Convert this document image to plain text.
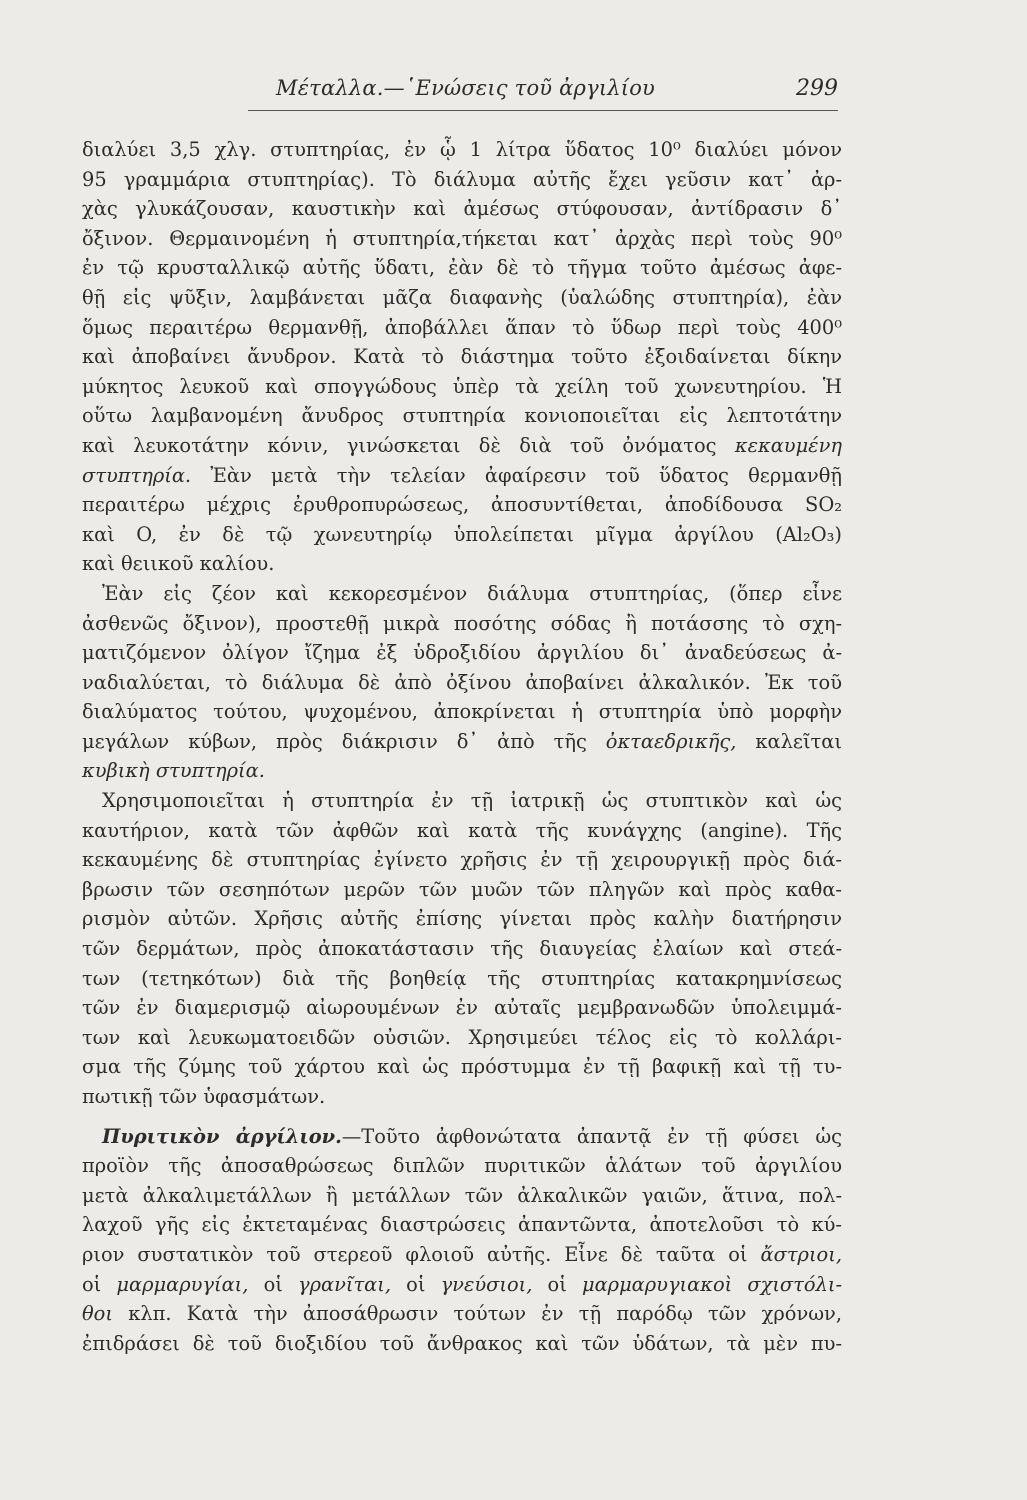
Μέταλλα.—῾Ενώσεις τοῦ ἀργιλίου	299
διαλύει 3,5 χλγ. στυπτηρίας, ἐν ᾧ 1 λίτρα ὕδατος 10⁰ διαλύει μόνον
95 γραμμάρια στυπτηρίας). Τὸ διάλυμα αὐτῆς ἔχει γεῦσιν κατ᾿ ἀρ-
χὰς γλυκάζουσαν, καυστικὴν καὶ ἀμέσως στύφουσαν, ἀντίδρασιν δ᾿
ὄξινον. Θερμαινομένη ἡ στυπτηρία,τήκεται κατ᾿ ἀρχὰς περὶ τοὺς 90⁰
ἐν τῷ κρυσταλλικῷ αὐτῆς ὕδατι, ἐὰν δὲ τὸ τῆγμα τοῦτο ἀμέσως ἀφε-
θῇ εἰς ψῦξιν, λαμβάνεται μᾶζα διαφανὴς (ὑαλώδης στυπτηρία), ἐὰν
ὅμως περαιτέρω θερμανθῇ, ἀποβάλλει ἅπαν τὸ ὕδωρ περὶ τοὺς 400⁰
καὶ ἀποβαίνει ἄνυδρον. Κατὰ τὸ διάστημα τοῦτο ἐξοιδαίνεται δίκην
μύκητος λευκοῦ καὶ σπογγώδους ὑπὲρ τὰ χείλη τοῦ χωνευτηρίου. Ἡ
οὕτω λαμβανομένη ἄνυδρος στυπτηρία κονιοποιεῖται εἰς λεπτοτάτην
καὶ λευκοτάτην κόνιν, γινώσκεται δὲ διὰ τοῦ ὀνόματος κεκαυμένη
στυπτηρία. Ἐὰν μετὰ τὴν τελείαν ἀφαίρεσιν τοῦ ὕδατος θερμανθῇ
περαιτέρω μέχρις ἐρυθροπυρώσεως, ἀποσυντίθεται, ἀποδίδουσα SO₂
καὶ O, ἐν δὲ τῷ χωνευτηρίῳ ὑπολείπεται μῖγμα ἀργίλου (Al₂O₃)
καὶ θειικοῦ καλίου.
Ἐὰν εἰς ζέον καὶ κεκορεσμένον διάλυμα στυπτηρίας, (ὅπερ εἶνε
ἀσθενῶς ὄξινον), προστεθῇ μικρὰ ποσότης σόδας ἢ ποτάσσης τὸ σχη-
ματιζόμενον ὀλίγον ἴζημα ἐξ ὑδροξιδίου ἀργιλίου δι᾿ ἀναδεύσεως ἀ-
ναδιαλύεται, τὸ διάλυμα δὲ ἀπὸ ὀξίνου ἀποβαίνει ἀλκαλικόν. Ἐκ τοῦ
διαλύματος τούτου, ψυχομένου, ἀποκρίνεται ἡ στυπτηρία ὑπὸ μορφὴν
μεγάλων κύβων, πρὸς διάκρισιν δ᾿ ἀπὸ τῆς ὀκταεδρικῆς, καλεῖται
κυβικὴ στυπτηρία.
Χρησιμοποιεῖται ἡ στυπτηρία ἐν τῇ ἰατρικῇ ὡς στυπτικὸν καὶ ὡς
καυτήριον, κατὰ τῶν ἀφθῶν καὶ κατὰ τῆς κυνάγχης (angine). Τῆς
κεκαυμένης δὲ στυπτηρίας ἐγίνετο χρῆσις ἐν τῇ χειρουργικῇ πρὸς διά-
βρωσιν τῶν σεσηπότων μερῶν τῶν μυῶν τῶν πληγῶν καὶ πρὸς καθα-
ρισμὸν αὐτῶν. Χρῆσις αὐτῆς ἐπίσης γίνεται πρὸς καλὴν διατήρησιν
τῶν δερμάτων, πρὸς ἀποκατάστασιν τῆς διαυγείας ἐλαίων καὶ στεά-
των (τετηκότων) διὰ τῆς βοηθείᾳ τῆς στυπτηρίας κατακρημνίσεως
τῶν ἐν διαμερισμῷ αἰωρουμένων ἐν αὐταῖς μεμβρανωδῶν ὑπολειμμά-
των καὶ λευκωματοειδῶν οὐσιῶν. Χρησιμεύει τέλος εἰς τὸ κολλάρι-
σμα τῆς ζύμης τοῦ χάρτου καὶ ὡς πρόστυμμα ἐν τῇ βαφικῇ καὶ τῇ τυ-
πωτικῇ τῶν ὑφασμάτων.
Πυριτικὸν ἀργίλιον.—Τοῦτο ἀφθονώτατα ἀπαντᾷ ἐν τῇ φύσει ὡς
προϊὸν τῆς ἀποσαθρώσεως διπλῶν πυριτικῶν ἁλάτων τοῦ ἀργιλίου
μετὰ ἀλκαλιμετάλλων ἢ μετάλλων τῶν ἀλκαλικῶν γαιῶν, ἅτινα, πολ-
λαχοῦ γῆς εἰς ἐκτεταμένας διαστρώσεις ἀπαντῶντα, ἀποτελοῦσι τὸ κύ-
ριον συστατικὸν τοῦ στερεοῦ φλοιοῦ αὐτῆς. Εἶνε δὲ ταῦτα οἱ ἄστριοι,
οἱ μαρμαρυγίαι, οἱ γρανῖται, οἱ γνεύσιοι, οἱ μαρμαρυγιακοὶ σχιστόλι-
θοι κλπ. Κατὰ τὴν ἀποσάθρωσιν τούτων ἐν τῇ παρόδῳ τῶν χρόνων,
ἐπιδράσει δὲ τοῦ διοξιδίου τοῦ ἄνθρακος καὶ τῶν ὑδάτων, τὰ μὲν πυ-
